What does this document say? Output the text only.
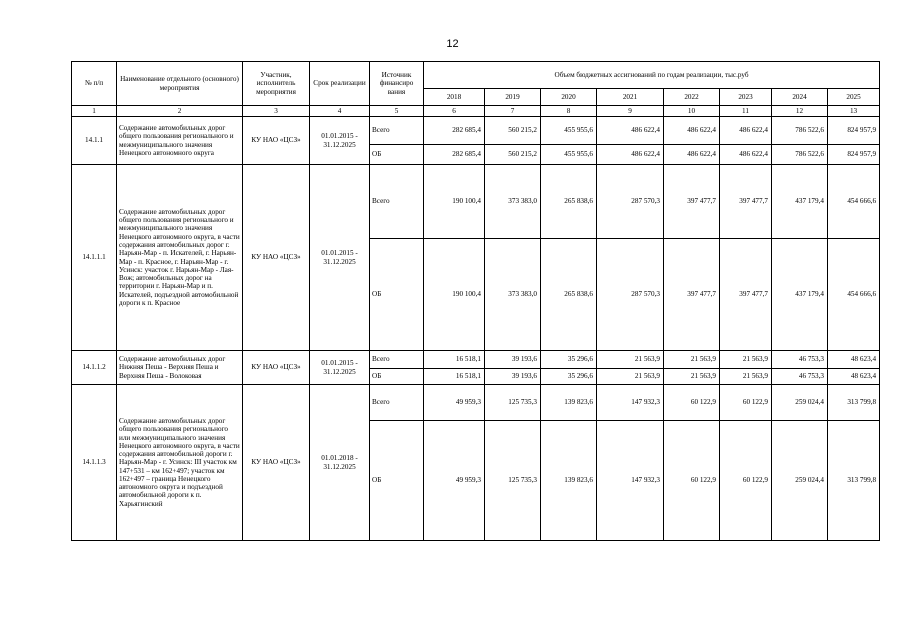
12
№ п/п	Наименование отдельного (основного) мероприятия	Участник, исполнитель мероприятия	Срок реализации	Источник финансиро вания	Объем бюджетных ассигнований по годам реализации, тыс.руб							
					2018	2019	2020	2021	2022	2023	2024	2025
1	2	3	4	5	6	7	8	9	10	11	12	13
14.1.1	Содержание автомобильных дорог общего пользования регионального и межмуниципального значения Ненецкого автономного округа	КУ НАО «ЦСЗ»	01.01.2015 - 31.12.2025	Всего	282 685,4	560 215,2	455 955,6	486 622,4	486 622,4	486 622,4	786 522,6	824 957,9
				ОБ	282 685,4	560 215,2	455 955,6	486 622,4	486 622,4	486 622,4	786 522,6	824 957,9
14.1.1.1	Содержание автомобильных дорог общего пользования регионального и межмуниципального значения Ненецкого автономного округа, в части содержания автомобильных дорог г. Нарьян-Мар - п. Искателей, г. Нарьян-Мар - п. Красное, г. Нарьян-Мар - г. Усинск: участок г. Нарьян-Мар - Лая-Вож; автомобильных дорог на территории г. Нарьян-Мар и п. Искателей, подъездной автомобильной дороги к п. Красное	КУ НАО «ЦСЗ»	01.01.2015 - 31.12.2025	Всего	190 100,4	373 383,0	265 838,6	287 570,3	397 477,7	397 477,7	437 179,4	454 666,6
				ОБ	190 100,4	373 383,0	265 838,6	287 570,3	397 477,7	397 477,7	437 179,4	454 666,6
14.1.1.2	Содержание автомобильных дорог Нижняя Пеша - Верхняя Пеша и Верхняя Пеша - Волоковая	КУ НАО «ЦСЗ»	01.01.2015 - 31.12.2025	Всего	16 518,1	39 193,6	35 296,6	21 563,9	21 563,9	21 563,9	46 753,3	48 623,4
				ОБ	16 518,1	39 193,6	35 296,6	21 563,9	21 563,9	21 563,9	46 753,3	48 623,4
14.1.1.3	Содержание автомобильных дорог общего пользования регионального или межмуниципального значения Ненецкого автономного округа, в части содержания автомобильной дороги г. Нарьян-Мар - г. Усинск: III участок км 147+531 – км 162+497; участок км 162+497 – граница Ненецкого автономного округа и подъездной автомобильной дороги к п. Харьягинский	КУ НАО «ЦСЗ»	01.01.2018 - 31.12.2025	Всего	49 959,3	125 735,3	139 823,6	147 932,3	60 122,9	60 122,9	259 024,4	313 799,8
				ОБ	49 959,3	125 735,3	139 823,6	147 932,3	60 122,9	60 122,9	259 024,4	313 799,8
